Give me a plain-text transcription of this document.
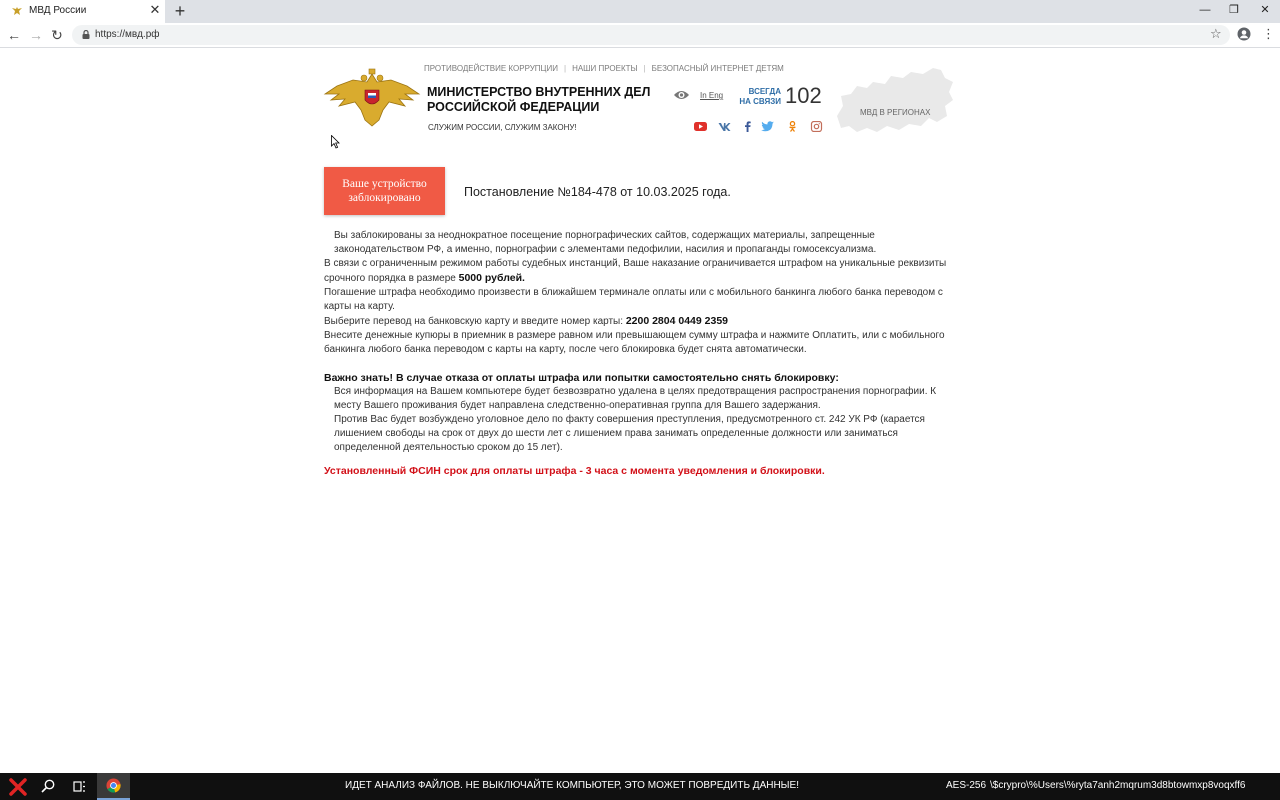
МВД России	✕ +	—	❐	✕
← → ↻	https://мвд.рф	☆	⋮
ПРОТИВОДЕЙСТВИЕ КОРРУПЦИИ | НАШИ ПРОЕКТЫ | БЕЗОПАСНЫЙ ИНТЕРНЕТ ДЕТЯМ
МИНИСТЕРСТВО ВНУТРЕННИХ ДЕЛ РОССИЙСКОЙ ФЕДЕРАЦИИ
СЛУЖИМ РОССИИ, СЛУЖИМ ЗАКОНУ!
In Eng	ВСЕГДА НА СВЯЗИ 102
МВД В РЕГИОНАХ
Ваше устройство заблокировано	Постановление №184-478 от 10.03.2025 года.

Вы заблокированы за неоднократное посещение порнографических сайтов, содержащих материалы, запрещенные законодательством РФ, а именно, порнографии с элементами педофилии, насилия и пропаганды гомосексуализма.

В связи с ограниченным режимом работы судебных инстанций, Ваше наказание ограничивается штрафом на уникальные реквизиты срочного порядка в размере 5000 рублей.

Погашение штрафа необходимо произвести в ближайшем терминале оплаты или с мобильного банкинга любого банка переводом с карты на карту.

Выберите перевод на банковскую карту и введите номер карты: 2200 2804 0449 2359

Внесите денежные купюры в приемник в размере равном или превышающем сумму штрафа и нажмите Оплатить, или с мобильного банкинга любого банка переводом с карты на карту, после чего блокировка будет снята автоматически.

Важно знать! В случае отказа от оплаты штрафа или попытки самостоятельно снять блокировку:

Вся информация на Вашем компьютере будет безвозвратно удалена в целях предотвращения распространения порнографии. К месту Вашего проживания будет направлена следственно-оперативная группа для Вашего задержания.

Против Вас будет возбуждено уголовное дело по факту совершения преступления, предусмотренного ст. 242 УК РФ (карается лишением свободы на срок от двух до шести лет с лишением права занимать определенные должности или заниматься определенной деятельностью сроком до 15 лет).

Установленный ФСИН срок для оплаты штрафа - 3 часа с момента уведомления и блокировки.
ИДЕТ АНАЛИЗ ФАЙЛОВ. НЕ ВЫКЛЮЧАЙТЕ КОМПЬЮТЕР, ЭТО МОЖЕТ ПОВРЕДИТЬ ДАННЫЕ!	AES-256 \$crypro\%Users\%ryta7anh2mqrum3d8btowmxp8voqxff6
